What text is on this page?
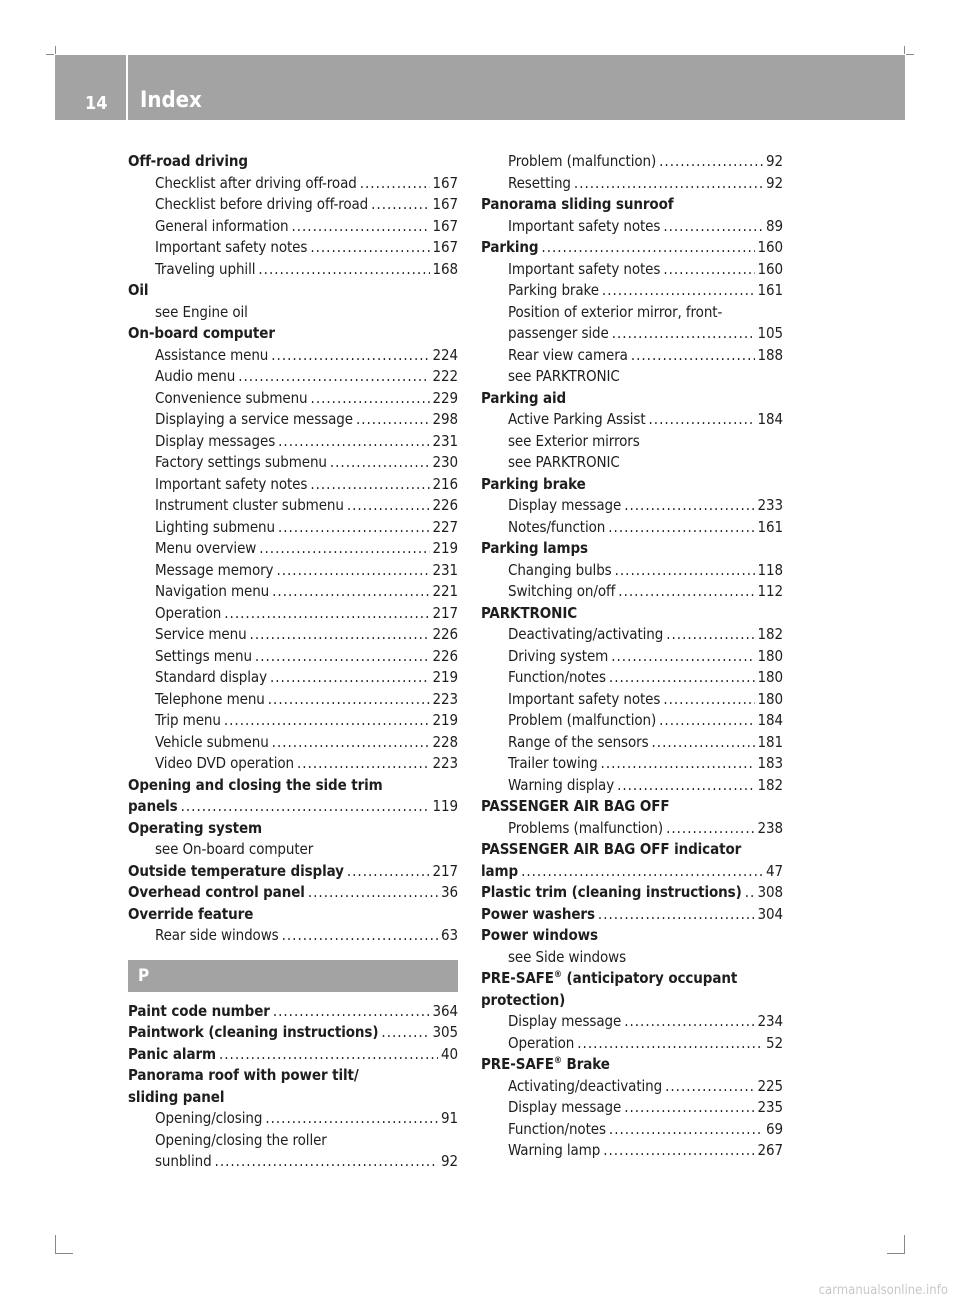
14 Index
Off-road driving
Checklist after driving off-road .....	167
Checklist before driving off-road .....	167
General information .....	167
Important safety notes .....	167
Traveling uphill .....	168
Oil
see Engine oil
On-board computer
Assistance menu .....	224
Audio menu .....	222
Convenience submenu .....	229
Displaying a service message .....	298
Display messages .....	231
Factory settings submenu .....	230
Important safety notes .....	216
Instrument cluster submenu .....	226
Lighting submenu .....	227
Menu overview .....	219
Message memory .....	231
Navigation menu .....	221
Operation .....	217
Service menu .....	226
Settings menu .....	226
Standard display .....	219
Telephone menu .....	223
Trip menu .....	219
Vehicle submenu .....	228
Video DVD operation .....	223
Opening and closing the side trim
panels .....	119
Operating system
see On-board computer
Outside temperature display .....	217
Overhead control panel .....	36
Override feature
Rear side windows .....	63
P
Paint code number .....	364
Paintwork (cleaning instructions) .....	305
Panic alarm .....	40
Panorama roof with power tilt/
sliding panel
Opening/closing .....	91
Opening/closing the roller
sunblind .....	92
Problem (malfunction) .....	92
Resetting .....	92
Panorama sliding sunroof
Important safety notes .....	89
Parking .....	160
Important safety notes .....	160
Parking brake .....	161
Position of exterior mirror, front-
passenger side .....	105
Rear view camera .....	188
see PARKTRONIC
Parking aid
Active Parking Assist .....	184
see Exterior mirrors
see PARKTRONIC
Parking brake
Display message .....	233
Notes/function .....	161
Parking lamps
Changing bulbs .....	118
Switching on/off .....	112
PARKTRONIC
Deactivating/activating .....	182
Driving system .....	180
Function/notes .....	180
Important safety notes .....	180
Problem (malfunction) .....	184
Range of the sensors .....	181
Trailer towing .....	183
Warning display .....	182
PASSENGER AIR BAG OFF
Problems (malfunction) .....	238
PASSENGER AIR BAG OFF indicator
lamp .....	47
Plastic trim (cleaning instructions) ..... 308
Power washers .....	304
Power windows
see Side windows
PRE-SAFE® (anticipatory occupant
protection)
Display message .....	234
Operation .....	52
PRE-SAFE® Brake
Activating/deactivating .....	225
Display message .....	235
Function/notes .....	69
Warning lamp .....	267
carmanualsonline.info
